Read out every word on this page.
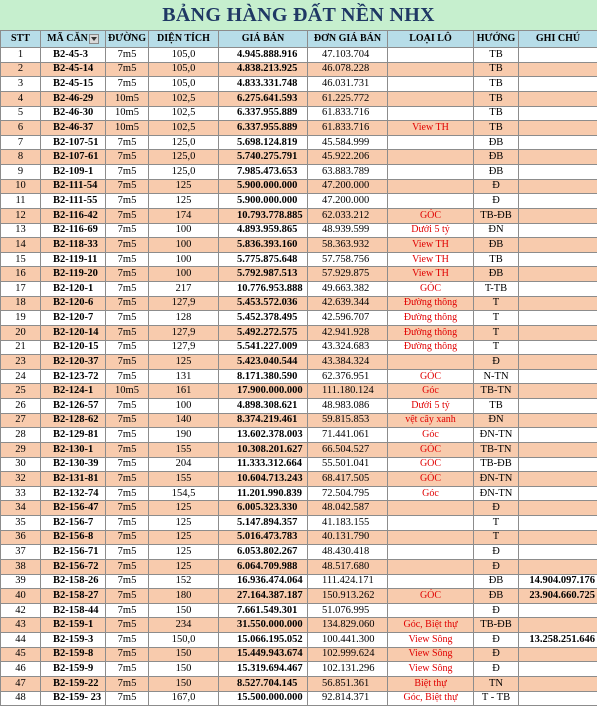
BẢNG HÀNG ĐẤT NỀN NHX
STT	MÃ CĂN	ĐƯỜNG	DIỆN TÍCH	GIÁ BÁN	ĐƠN GIÁ BÁN	LOẠI LÔ	HƯỚNG	GHI CHÚ
1	B2-45-3	7m5	105,0	4.945.888.916	47.103.704		TB	
2	B2-45-14	7m5	105,0	4.838.213.925	46.078.228		TB	
3	B2-45-15	7m5	105,0	4.833.331.748	46.031.731		TB	
4	B2-46-29	10m5	102,5	6.275.641.593	61.225.772		TB	
5	B2-46-30	10m5	102,5	6.337.955.889	61.833.716		TB	
6	B2-46-37	10m5	102,5	6.337.955.889	61.833.716	View TH	TB	
7	B2-107-51	7m5	125,0	5.698.124.819	45.584.999		ĐB	
8	B2-107-61	7m5	125,0	5.740.275.791	45.922.206		ĐB	
9	B2-109-1	7m5	125,0	7.985.473.653	63.883.789		ĐB	
10	B2-111-54	7m5	125	5.900.000.000	47.200.000		Đ	
11	B2-111-55	7m5	125	5.900.000.000	47.200.000		Đ	
12	B2-116-42	7m5	174	10.793.778.885	62.033.212	GÓC	TB-ĐB	
13	B2-116-69	7m5	100	4.893.959.865	48.939.599	Dưới 5 tỷ	ĐN	
14	B2-118-33	7m5	100	5.836.393.160	58.363.932	View TH	ĐB	
15	B2-119-11	7m5	100	5.775.875.648	57.758.756	View TH	TB	
16	B2-119-20	7m5	100	5.792.987.513	57.929.875	View TH	ĐB	
17	B2-120-1	7m5	217	10.776.953.888	49.663.382	GÓC	T-TB	
18	B2-120-6	7m5	127,9	5.453.572.036	42.639.344	Đường thông	T	
19	B2-120-7	7m5	128	5.452.378.495	42.596.707	Đường thông	T	
20	B2-120-14	7m5	127,9	5.492.272.575	42.941.928	Đường thông	T	
21	B2-120-15	7m5	127,9	5.541.227.009	43.324.683	Đường thông	T	
23	B2-120-37	7m5	125	5.423.040.544	43.384.324		Đ	
24	B2-123-72	7m5	131	8.171.380.590	62.376.951	GÓC	N-TN	
25	B2-124-1	10m5	161	17.900.000.000	111.180.124	Góc	TB-TN	
26	B2-126-57	7m5	100	4.898.308.621	48.983.086	Dưới 5 tỷ	TB	
27	B2-128-62	7m5	140	8.374.219.461	59.815.853	vệt cây xanh	ĐN	
28	B2-129-81	7m5	190	13.602.378.003	71.441.061	Góc	ĐN-TN	
29	B2-130-1	7m5	155	10.308.201.627	66.504.527	GÓC	TB-TN	
30	B2-130-39	7m5	204	11.333.312.664	55.501.041	GÓC	TB-ĐB	
32	B2-131-81	7m5	155	10.604.713.243	68.417.505	GÓC	ĐN-TN	
33	B2-132-74	7m5	154,5	11.201.990.839	72.504.795	Góc	ĐN-TN	
34	B2-156-47	7m5	125	6.005.323.330	48.042.587		Đ	
35	B2-156-7	7m5	125	5.147.894.357	41.183.155		T	
36	B2-156-8	7m5	125	5.016.473.783	40.131.790		T	
37	B2-156-71	7m5	125	6.053.802.267	48.430.418		Đ	
38	B2-156-72	7m5	125	6.064.709.988	48.517.680		Đ	
39	B2-158-26	7m5	152	16.936.474.064	111.424.171		ĐB	14.904.097.176
40	B2-158-27	7m5	180	27.164.387.187	150.913.262	GÓC	ĐB	23.904.660.725
42	B2-158-44	7m5	150	7.661.549.301	51.076.995		Đ	
43	B2-159-1	7m5	234	31.550.000.000	134.829.060	Góc, Biệt thự	TB-ĐB	
44	B2-159-3	7m5	150,0	15.066.195.052	100.441.300	View Sông	Đ	13.258.251.646
45	B2-159-8	7m5	150	15.449.943.674	102.999.624	View Sông	Đ	
46	B2-159-9	7m5	150	15.319.694.467	102.131.296	View Sông	Đ	
47	B2-159-22	7m5	150	8.527.704.145	56.851.361	Biệt thự	TN	
48	B2-159- 23	7m5	167,0	15.500.000.000	92.814.371	Góc, Biệt thự	T - TB	
